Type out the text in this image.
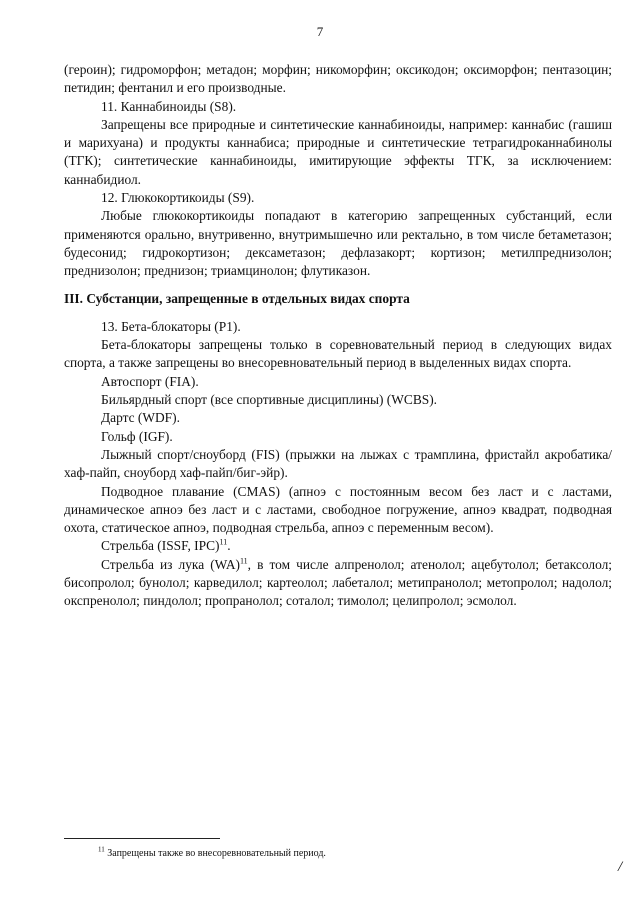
7

(героин); гидроморфон; метадон; морфин; никоморфин; оксикодон; оксиморфон; пентазоцин; петидин; фентанил и его производные.

11. Каннабиноиды (S8).

Запрещены все природные и синтетические каннабиноиды, например: каннабис (гашиш и марихуана) и продукты каннабиса; природные и синтетические тетрагидроканнабинолы (ТГК); синтетические каннабиноиды, имитирующие эффекты ТГК, за исключением: каннабидиол.

12. Глюкокортикоиды (S9).

Любые глюкокортикоиды попадают в категорию запрещенных субстанций, если применяются орально, внутривенно, внутримышечно или ректально, в том числе бетаметазон; будесонид; гидрокортизон; дексаметазон; дефлазакорт; кортизон; метилпреднизолон; преднизолон; преднизон; триамцинолон; флутиказон.

III. Субстанции, запрещенные в отдельных видах спорта

13. Бета-блокаторы (Р1).

Бета-блокаторы запрещены только в соревновательный период в следующих видах спорта, а также запрещены во внесоревновательный период в выделенных видах спорта.

Автоспорт (FIA).

Бильярдный спорт (все спортивные дисциплины) (WCBS).

Дартс (WDF).

Гольф (IGF).

Лыжный спорт/сноуборд (FIS) (прыжки на лыжах с трамплина, фристайл акробатика/хаф-пайп, сноуборд хаф-пайп/биг-эйр).

Подводное плавание (CMAS) (апноэ с постоянным весом без ласт и с ластами, динамическое апноэ без ласт и с ластами, свободное погружение, апноэ квадрат, подводная охота, статическое апноэ, подводная стрельба, апноэ с переменным весом).

Стрельба (ISSF, IPC)$^{11}$.

Стрельба из лука (WA)$^{11}$, в том числе алпренолол; атенолол; ацебутолол; бетаксолол; бисопролол; бунолол; карведилол; картеолол; лабеталол; метипранолол; метопролол; надолол; окспренолол; пиндолол; пропранолол; соталол; тимолол; целипролол; эсмолол.

$^{11}$ Запрещены также во внесоревновательный период.
/
